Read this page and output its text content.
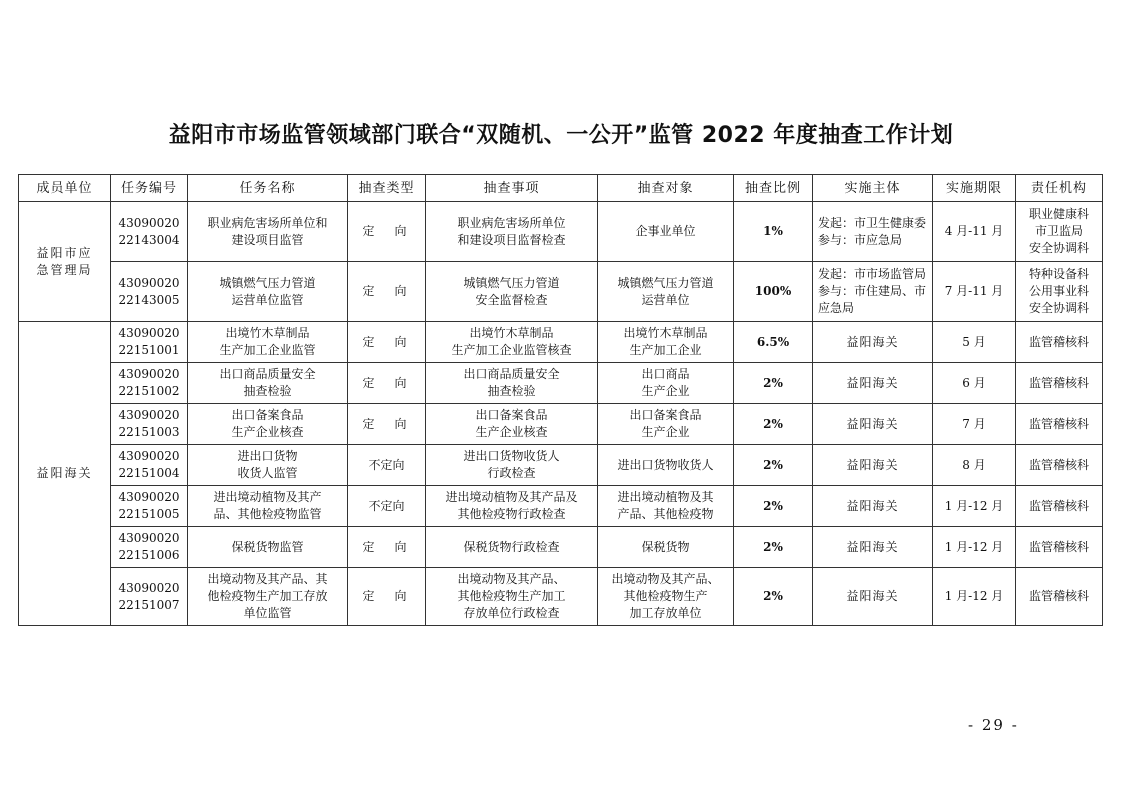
益阳市市场监管领域部门联合“双随机、一公开”监管 2022 年度抽查工作计划
成员单位	任务编号	任务名称	抽查类型	抽查事项	抽查对象	抽查比例	实施主体	实施期限	责任机构

益阳市应
急管理局	43090020
22143004	职业病危害场所单位和
建设项目监管	定　向	职业病危害场所单位
和建设项目监督检查	企事业单位	1%	发起：市卫生健康委
参与：市应急局	4 月-11 月	职业健康科
市卫监局
安全协调科

	43090020
22143005	城镇燃气压力管道
运营单位监管	定　向	城镇燃气压力管道
安全监督检查	城镇燃气压力管道
运营单位	100%	发起：市市场监管局
参与：市住建局、市
应急局	7 月-11 月	特种设备科
公用事业科
安全协调科

益阳海关	43090020
22151001	出境竹木草制品
生产加工企业监管	定　向	出境竹木草制品
生产加工企业监管核查	出境竹木草制品
生产加工企业	6.5%	益阳海关	5 月	监管稽核科

	43090020
22151002	出口商品质量安全
抽查检验	定　向	出口商品质量安全
抽查检验	出口商品
生产企业	2%	益阳海关	6 月	监管稽核科

	43090020
22151003	出口备案食品
生产企业核查	定　向	出口备案食品
生产企业核查	出口备案食品
生产企业	2%	益阳海关	7 月	监管稽核科

	43090020
22151004	进出口货物
收货人监管	不定向	进出口货物收货人
行政检查	进出口货物收货人	2%	益阳海关	8 月	监管稽核科

	43090020
22151005	进出境动植物及其产
品、其他检疫物监管	不定向	进出境动植物及其产品及
其他检疫物行政检查	进出境动植物及其
产品、其他检疫物	2%	益阳海关	1 月-12 月	监管稽核科

	43090020
22151006	保税货物监管	定　向	保税货物行政检查	保税货物	2%	益阳海关	1 月-12 月	监管稽核科

	43090020
22151007	出境动物及其产品、其
他检疫物生产加工存放
单位监管	定　向	出境动物及其产品、
其他检疫物生产加工
存放单位行政检查	出境动物及其产品、
其他检疫物生产
加工存放单位	2%	益阳海关	1 月-12 月	监管稽核科
- 29 -
